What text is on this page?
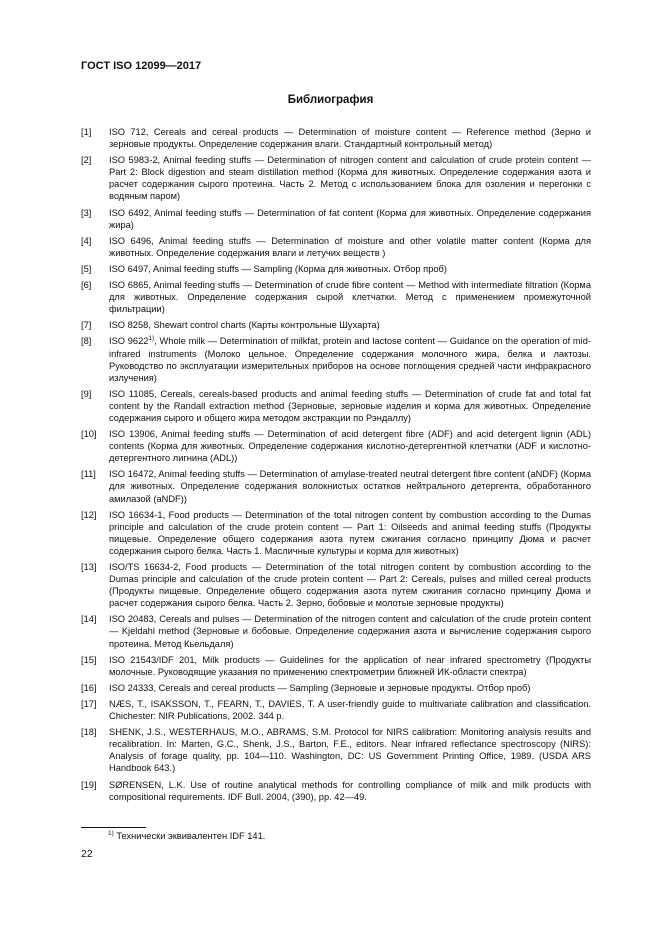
ГОСТ ISO 12099—2017
Библиография
[1]	ISO 712, Cereals and cereal products — Determination of moisture content — Reference method (Зерно и зерновые продукты. Определение содержания влаги. Стандартный контрольный метод)
[2]	ISO 5983-2, Animal feeding stuffs — Determination of nitrogen content and calculation of crude protein content — Part 2: Block digestion and steam distillation method (Корма для животных. Определение содержания азота и расчет содержания сырого протеина. Часть 2. Метод с использованием блока для озоления и перегонки с водяным паром)
[3]	ISO 6492, Animal feeding stuffs — Determination of fat content (Корма для животных. Определение содержания жира)
[4]	ISO 6496, Animal feeding stuffs — Determination of moisture and other volatile matter content (Корма для животных. Определение содержания влаги и летучих веществ )
[5]	ISO 6497, Animal feeding stuffs — Sampling (Корма для животных. Отбор проб)
[6]	ISO 6865, Animal feeding stuffs — Determination of crude fibre content — Method with intermediate filtration (Корма для животных. Определение содержания сырой клетчатки. Метод с применением промежуточной фильтрации)
[7]	ISO 8258, Shewart control charts (Карты контрольные Шухарта)
[8]	ISO 9622$^{1)}$, Whole milk — Determination of milkfat, protein and lactose content — Guidance on the operation of mid-infrared instruments (Молоко цельное. Определение содержания молочного жира, белка и лактозы. Руководство по эксплуатации измерительных приборов на основе поглощения средней части инфракрасного излучения)
[9]	ISO 11085, Cereals, cereals-based products and animal feeding stuffs — Determination of crude fat and total fat content by the Randall extraction method (Зерновые, зерновые изделия и корма для животных. Определение содержания сырого и общего жира методом экстракции по Рэндаллу)
[10]	ISO 13906, Animal feeding stuffs — Determination of acid detergent fibre (ADF) and acid detergent lignin (ADL) contents (Корма для животных. Определение содержания кислотно-детергентной клетчатки (ADF и кислотно-детергентного лигнина (ADL))
[11]	ISO 16472, Animal feeding stuffs — Determination of amylase-treated neutral detergent fibre content (aNDF) (Корма для животных. Определение содержания волокнистых остатков нейтрального детергента, обработанного амилазой (aNDF))
[12]	ISO 16634-1, Food products — Determination of the total nitrogen content by combustion according to the Dumas principle and calculation of the crude protein content — Part 1: Oilseeds and animal feeding stuffs (Продукты пищевые. Определение общего содержания азота путем сжигания согласно принципу Дюма и расчет содержания сырого белка. Часть 1. Масличные культуры и корма для животных)
[13]	ISO/TS 16634-2, Food products — Determination of the total nitrogen content by combustion according to the Dumas principle and calculation of the crude protein content — Part 2: Cereals, pulses and milled cereal products (Продукты пищевые. Определение общего содержания азота путем сжигания согласно принципу Дюма и расчет содержания сырого белка. Часть 2. Зерно, бобовые и молотые зерновые продукты)
[14]	ISO 20483, Cereals and pulses — Determination of the nitrogen content and calculation of the crude protein content — Kjeldahl method (Зерновые и бобовые. Определение содержания азота и вычисление содержания сырого протеина. Метод Кьельдаля)
[15]	ISO 21543/IDF 201, Milk products — Guidelines for the application of near infrared spectrometry (Продукты молочные. Руководящие указания по применению спектрометрии ближней ИК-области спектра)
[16]	ISO 24333, Cereals and cereal products — Sampling (Зерновые и зерновые продукты. Отбор проб)
[17]	NÆS, T., ISAKSSON, T., FEARN, T., DAVIES, T. A user-friendly guide to multivariate calibration and classification. Chichester: NIR Publications, 2002. 344 p.
[18]	SHENK, J.S., WESTERHAUS, M.O., ABRAMS, S.M. Protocol for NIRS calibration: Monitoring analysis results and recalibration. In: Marten, G.C., Shenk, J.S., Barton, F.E., editors. Near infrared reflectance spectroscopy (NIRS): Analysis of forage quality, pp. 104—110. Washington, DC: US Government Printing Office, 1989. (USDA ARS Handbook 643.)
[19]	SØRENSEN, L.K. Use of routine analytical methods for controlling compliance of milk and milk products with compositional requirements. IDF Bull. 2004, (390), pp. 42—49.
$^{1)}$ Технически эквивалентен IDF 141.
22
